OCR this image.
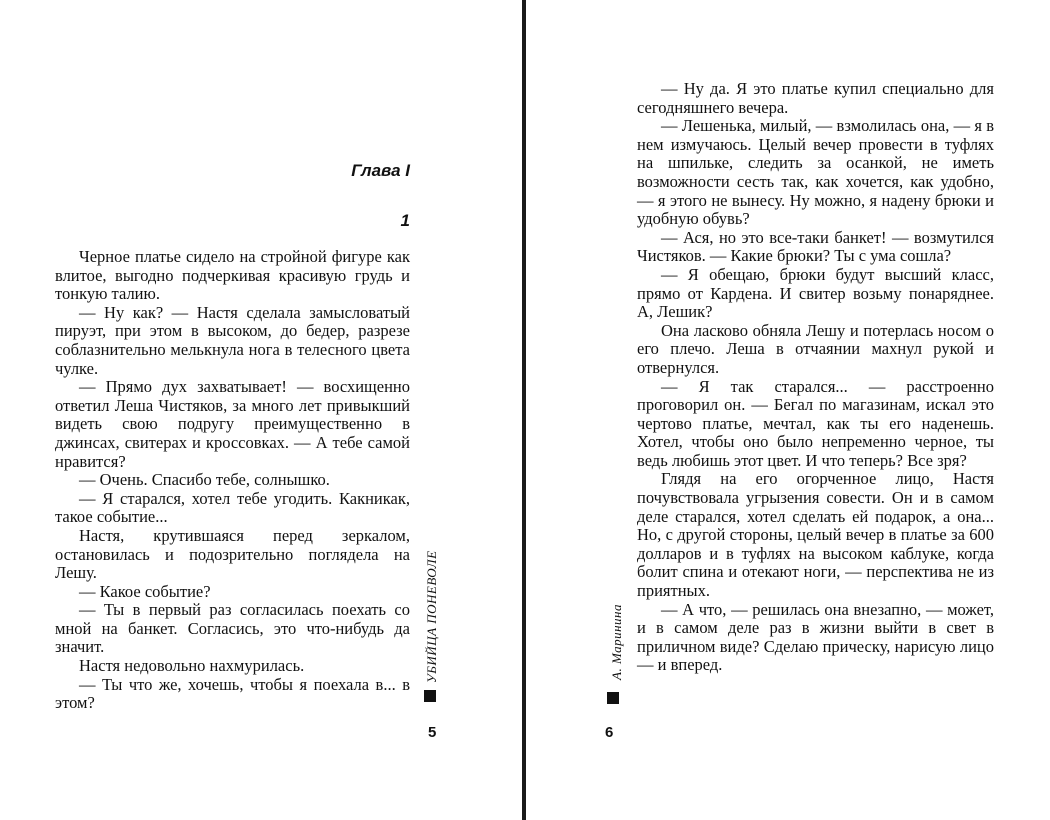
Глава I
1

Черное платье сидело на стройной фигуре как влитое, выгодно подчеркивая красивую грудь и тонкую талию.

— Ну как? — Настя сделала замысловатый пируэт, при этом в высоком, до бедер, разрезе соблазнительно мелькнула нога в телесного цвета чулке.

— Прямо дух захватывает! — восхищенно ответил Леша Чистяков, за много лет привыкший видеть свою подругу преимущественно в джинсах, свитерах и кроссовках. — А тебе самой нравится?

— Очень. Спасибо тебе, солнышко.

— Я старался, хотел тебе угодить. Какникак, такое событие...

Настя, крутившаяся перед зеркалом, остановилась и подозрительно поглядела на Лешу.

— Какое событие?

— Ты в первый раз согласилась поехать со мной на банкет. Согласись, это что-нибудь да значит.

Настя недовольно нахмурилась.

— Ты что же, хочешь, чтобы я поехала в... в этом?

УБИЙЦА ПОНЕВОЛЕ
5

— Ну да. Я это платье купил специально для сегодняшнего вечера.

— Лешенька, милый, — взмолилась она, — я в нем измучаюсь. Целый вечер провести в туфлях на шпильке, следить за осанкой, не иметь возможности сесть так, как хочется, как удобно, — я этого не вынесу. Ну можно, я надену брюки и удобную обувь?

— Ася, но это все-таки банкет! — возмутился Чистяков. — Какие брюки? Ты с ума сошла?

— Я обещаю, брюки будут высший класс, прямо от Кардена. И свитер возьму понаряднее. А, Лешик?

Она ласково обняла Лешу и потерлась носом о его плечо. Леша в отчаянии махнул рукой и отвернулся.

— Я так старался... — расстроенно проговорил он. — Бегал по магазинам, искал это чертово платье, мечтал, как ты его наденешь. Хотел, чтобы оно было непременно черное, ты ведь любишь этот цвет. И что теперь? Все зря?

Глядя на его огорченное лицо, Настя почувствовала угрызения совести. Он и в самом деле старался, хотел сделать ей подарок, а она... Но, с другой стороны, целый вечер в платье за 600 долларов и в туфлях на высоком каблуке, когда болит спина и отекают ноги, — перспектива не из приятных.

— А что, — решилась она внезапно, — может, и в самом деле раз в жизни выйти в свет в приличном виде? Сделаю прическу, нарисую лицо — и вперед.

А. Маринина
6
